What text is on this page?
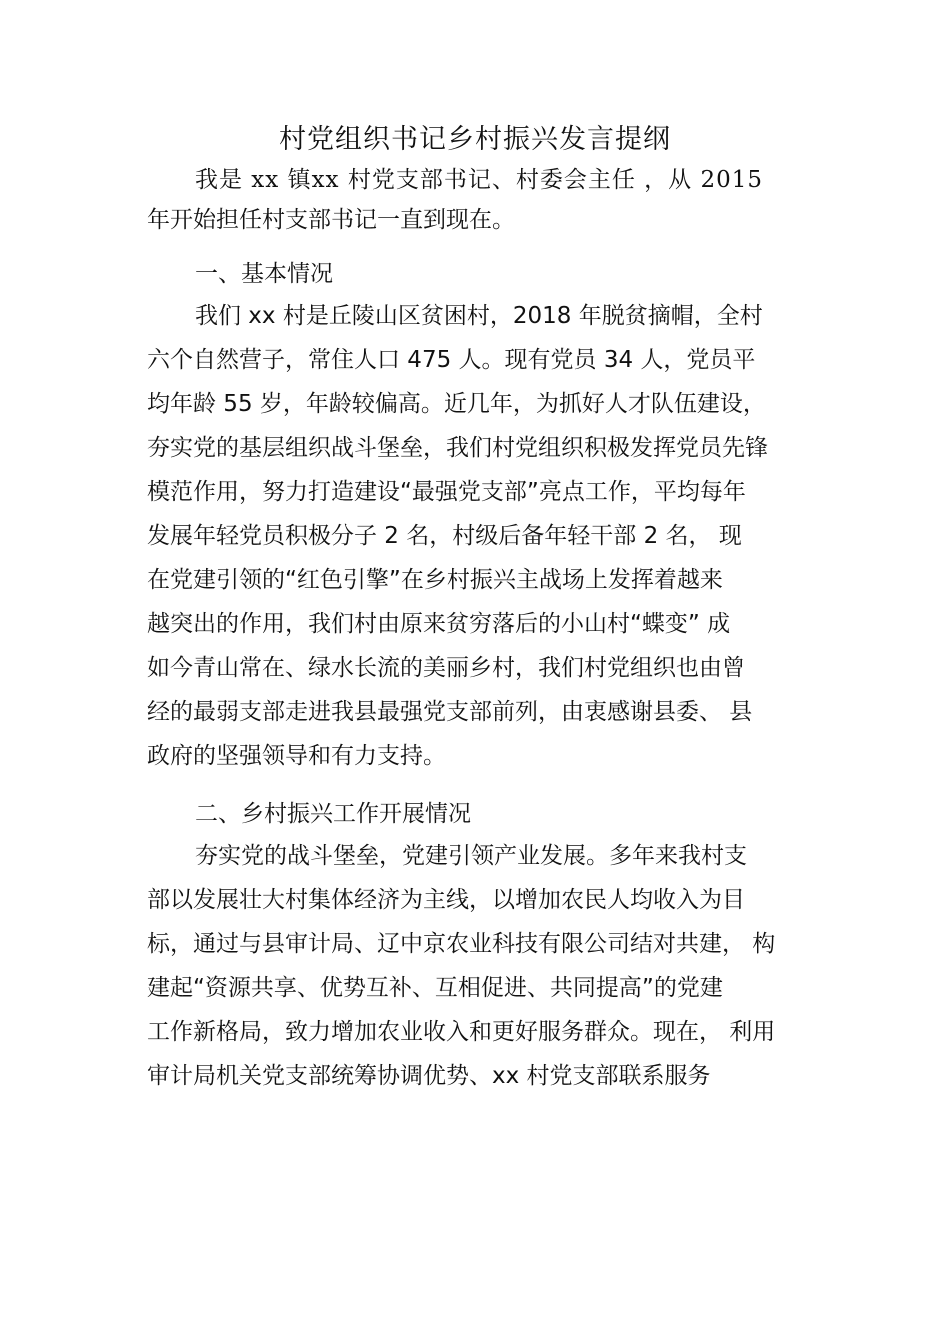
村党组织书记乡村振兴发言提纲
我是 xx 镇xx 村党支部书记、村委会主任 ，从 2015
年开始担任村支部书记一直到现在。
一、基本情况
我们 xx 村是丘陵山区贫困村，2018 年脱贫摘帽，全村
六个自然营子，常住人口 475 人。现有党员 34 人，党员平
均年龄 55 岁，年龄较偏高。近几年，为抓好人才队伍建设，
夯实党的基层组织战斗堡垒，我们村党组织积极发挥党员先锋
模范作用，努力打造建设“最强党支部”亮点工作，平均每年
发展年轻党员积极分子 2 名，村级后备年轻干部 2 名， 现
在党建引领的“红色引擎”在乡村振兴主战场上发挥着越来
越突出的作用，我们村由原来贫穷落后的小山村“蝶变” 成
如今青山常在、绿水长流的美丽乡村，我们村党组织也由曾
经的最弱支部走进我县最强党支部前列，由衷感谢县委、 县
政府的坚强领导和有力支持。
二、乡村振兴工作开展情况
夯实党的战斗堡垒，党建引领产业发展。多年来我村支
部以发展壮大村集体经济为主线，以增加农民人均收入为目
标，通过与县审计局、辽中京农业科技有限公司结对共建， 构
建起“资源共享、优势互补、互相促进、共同提高”的党建
工作新格局，致力增加农业收入和更好服务群众。现在， 利用
审计局机关党支部统筹协调优势、xx 村党支部联系服务
